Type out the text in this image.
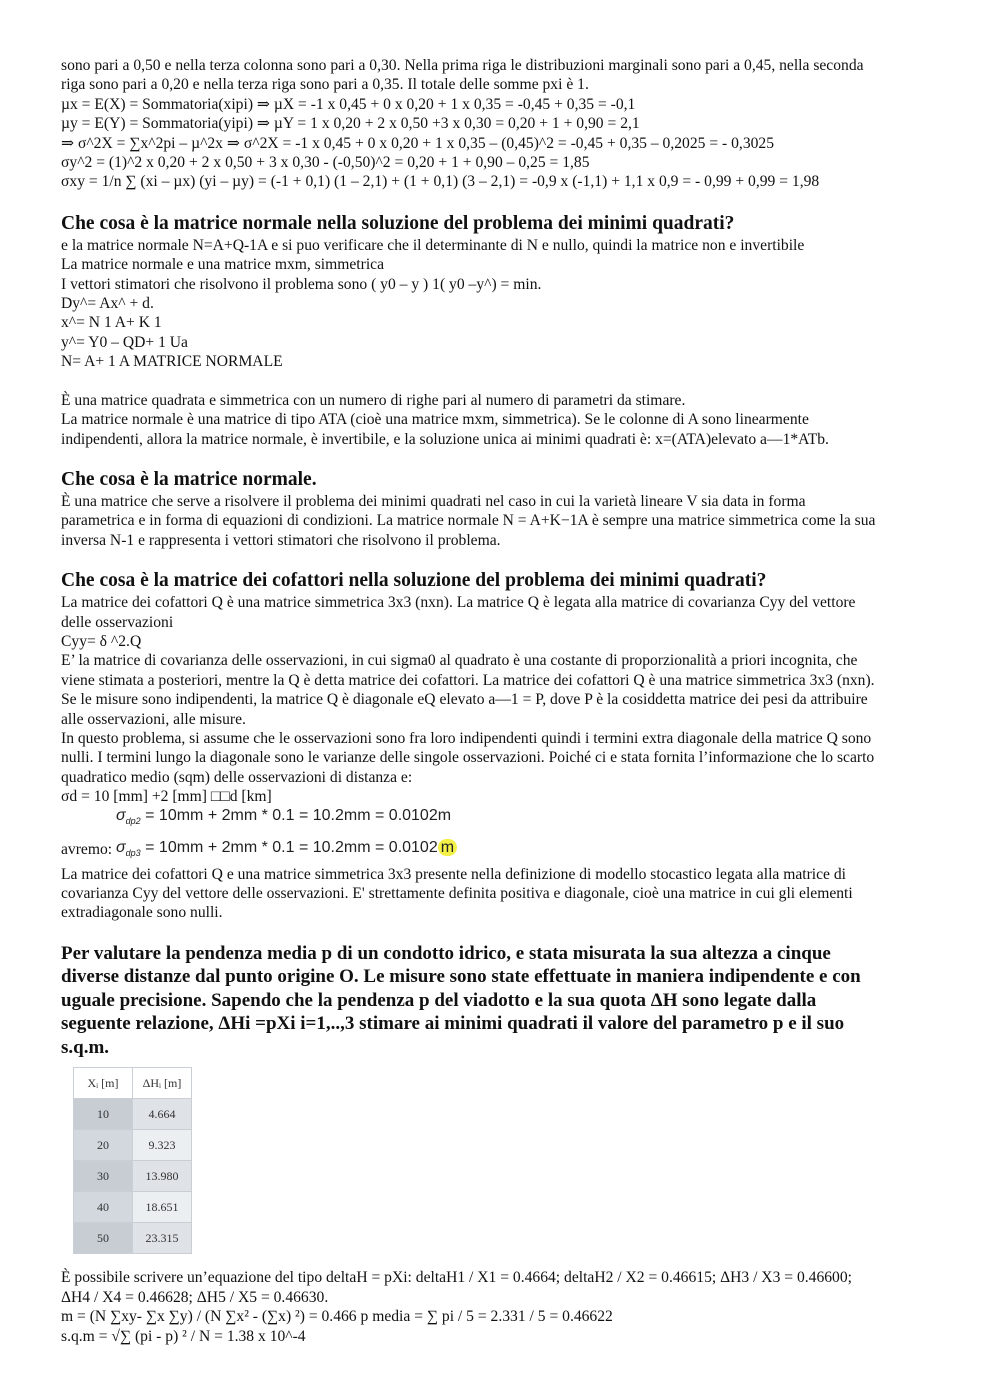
sono pari a 0,50 e nella terza colonna sono pari a 0,30. Nella prima riga le distribuzioni marginali sono pari a 0,45, nella seconda

riga sono pari a 0,20 e nella terza riga sono pari a 0,35. Il totale delle somme pxi è 1.

µx = E(X) = Sommatoria(xipi) ⇒ µX = -1 x 0,45 + 0 x 0,20 + 1 x 0,35 = -0,45 + 0,35 = -0,1

µy = E(Y) = Sommatoria(yipi) ⇒ µY = 1 x 0,20 + 2 x 0,50 +3 x 0,30 = 0,20 + 1 + 0,90 = 2,1

⇒ σ^2X = ∑x^2pi – µ^2x ⇒ σ^2X = -1 x 0,45 + 0 x 0,20 + 1 x 0,35 – (0,45)^2 = -0,45 + 0,35 – 0,2025 = - 0,3025

σy^2 = (1)^2 x 0,20 + 2 x 0,50 + 3 x 0,30 - (-0,50)^2 = 0,20 + 1 + 0,90 – 0,25 = 1,85

σxy = 1/n ∑ (xi – µx) (yi – µy) = (-1 + 0,1) (1 – 2,1) + (1 + 0,1) (3 – 2,1) = -0,9 x (-1,1) + 1,1 x 0,9 = - 0,99 + 0,99 = 1,98

Che cosa è la matrice normale nella soluzione del problema dei minimi quadrati?

e la matrice normale N=A+Q-1A e si puo verificare che il determinante di N e nullo, quindi la matrice non e invertibile

La matrice normale e una matrice mxm, simmetrica

I vettori stimatori che risolvono il problema sono ( y0 – y ) 1( y0 –y^) = min.

Dy^= Ax^ + d.

x^= N 1 A+ K 1

y^= Y0 – QD+ 1 Ua

N= A+ 1 A MATRICE NORMALE

È una matrice quadrata e simmetrica con un numero di righe pari al numero di parametri da stimare.

La matrice normale è una matrice di tipo ATA (cioè una matrice mxm, simmetrica). Se le colonne di A sono linearmente

indipendenti, allora la matrice normale, è invertibile, e la soluzione unica ai minimi quadrati è: x=(ATA)elevato a—1*ATb.

Che cosa è la matrice normale.

È una matrice che serve a risolvere il problema dei minimi quadrati nel caso in cui la varietà lineare V sia data in forma

parametrica e in forma di equazioni di condizioni. La matrice normale N = A+K−1A è sempre una matrice simmetrica come la sua

inversa N-1 e rappresenta i vettori stimatori che risolvono il problema.

Che cosa è la matrice dei cofattori nella soluzione del problema dei minimi quadrati?

La matrice dei cofattori Q è una matrice simmetrica 3x3 (nxn). La matrice Q è legata alla matrice di covarianza Cyy del vettore

delle osservazioni

Cyy= δ ^2.Q

E’ la matrice di covarianza delle osservazioni, in cui sigma0 al quadrato è una costante di proporzionalità a priori incognita, che

viene stimata a posteriori, mentre la Q è detta matrice dei cofattori. La matrice dei cofattori Q è una matrice simmetrica 3x3 (nxn).

Se le misure sono indipendenti, la matrice Q è diagonale eQ elevato a—1 = P, dove P è la cosiddetta matrice dei pesi da attribuire

alle osservazioni, alle misure.

In questo problema, si assume che le osservazioni sono fra loro indipendenti quindi i termini extra diagonale della matrice Q sono

nulli. I termini lungo la diagonale sono le varianze delle singole osservazioni. Poiché ci e stata fornita l’informazione che lo scarto

quadratico medio (sqm) delle osservazioni di distanza e:

σd = 10 [mm] +2 [mm] □□d [km]

$\sigma_{dp2} = 10mm + 2mm * 0.1 = 10.2mm = 0.0102m$
$\sigma_{dp3} = 10mm + 2mm * 0.1 = 10.2mm = 0.0102$ m
avremo:

La matrice dei cofattori Q e una matrice simmetrica 3x3 presente nella definizione di modello stocastico legata alla matrice di

covarianza Cyy del vettore delle osservazioni. E' strettamente definita positiva e diagonale, cioè una matrice in cui gli elementi

extradiagonale sono nulli.

Per valutare la pendenza media p di un condotto idrico, e stata misurata la sua altezza a cinque
diverse distanze dal punto origine O. Le misure sono state effettuate in maniera indipendente e con
uguale precisione. Sapendo che la pendenza p del viadotto e la sua quota ΔH sono legate dalla
seguente relazione, ΔHi =pXi i=1,..,3 stimare ai minimi quadrati il valore del parametro p e il suo
s.q.m.
Xᵢ [m]	ΔHᵢ [m]
10	4.664
20	9.323
30	13.980
40	18.651
50	23.315

È possibile scrivere un’equazione del tipo deltaH = pXi: deltaH1 / X1 = 0.4664; deltaH2 / X2 = 0.46615; ΔH3 / X3 = 0.46600;

ΔH4 / X4 = 0.46628; ΔH5 / X5 = 0.46630.

m = (N ∑xy- ∑x ∑y) / (N ∑x² - (∑x) ²) = 0.466 p media = ∑ pi / 5 = 2.331 / 5 = 0.46622

s.q.m = √∑ (pi - p) ² / N = 1.38 x 10^-4
